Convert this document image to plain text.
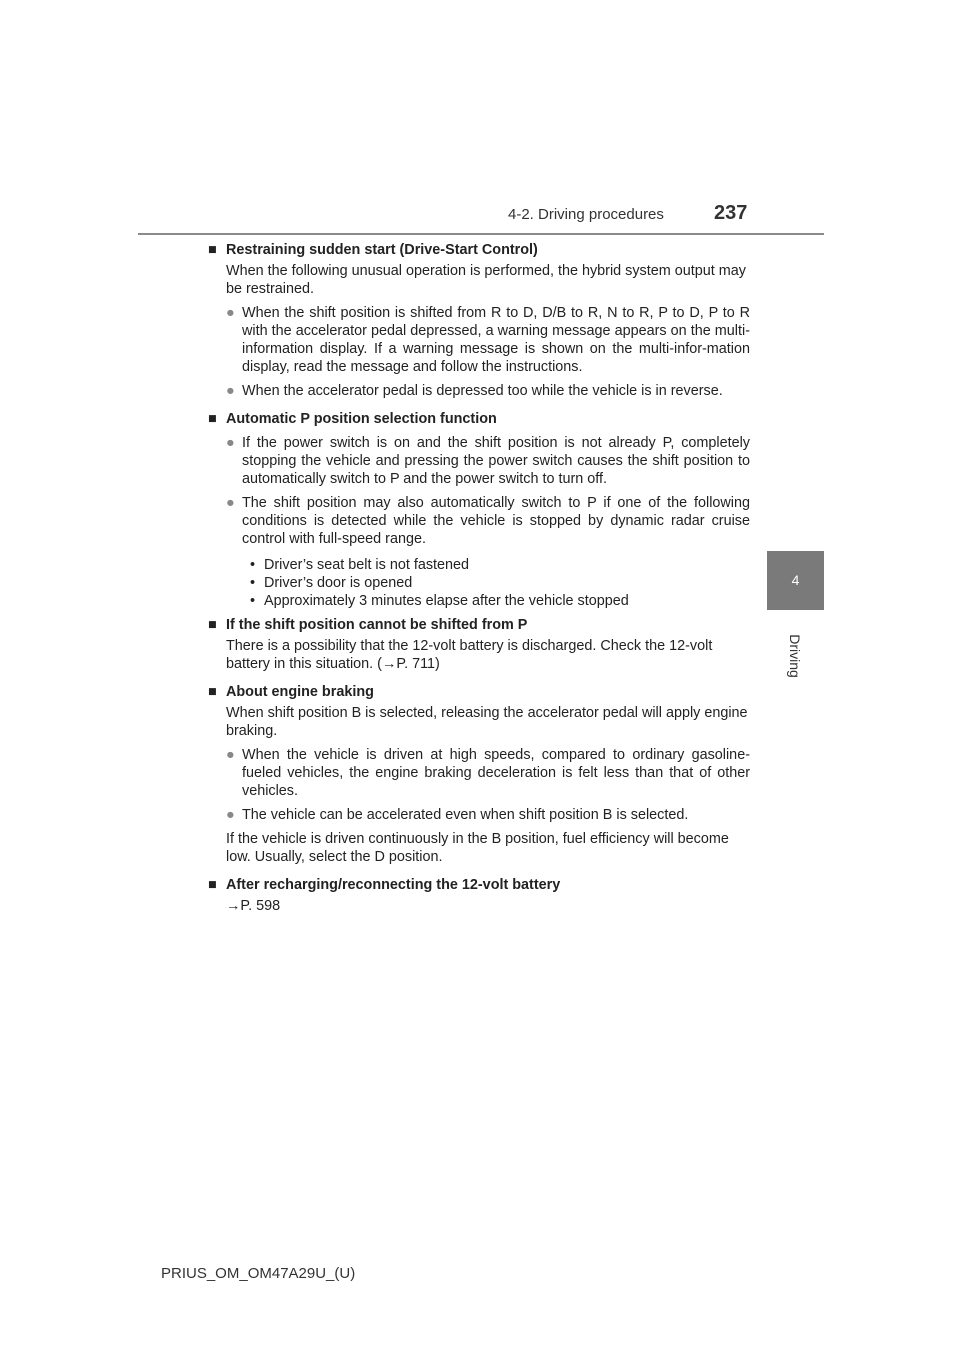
4-2. Driving procedures	237
4
Driving
■ Restraining sudden start (Drive-Start Control)
When the following unusual operation is performed, the hybrid system output may be restrained.
● When the shift position is shifted from R to D, D/B to R, N to R, P to D, P to R with the accelerator pedal depressed, a warning message appears on the multi-information display. If a warning message is shown on the multi-infor-mation display, read the message and follow the instructions.
● When the accelerator pedal is depressed too while the vehicle is in reverse.
■ Automatic P position selection function
● If the power switch is on and the shift position is not already P, completely stopping the vehicle and pressing the power switch causes the shift position to automatically switch to P and the power switch to turn off.
● The shift position may also automatically switch to P if one of the following conditions is detected while the vehicle is stopped by dynamic radar cruise control with full-speed range.
• Driver’s seat belt is not fastened
• Driver’s door is opened
• Approximately 3 minutes elapse after the vehicle stopped
■ If the shift position cannot be shifted from P
There is a possibility that the 12-volt battery is discharged. Check the 12-volt battery in this situation. (→P. 711)
■ About engine braking
When shift position B is selected, releasing the accelerator pedal will apply engine braking.
● When the vehicle is driven at high speeds, compared to ordinary gasoline-fueled vehicles, the engine braking deceleration is felt less than that of other vehicles.
● The vehicle can be accelerated even when shift position B is selected.
If the vehicle is driven continuously in the B position, fuel efficiency will become low. Usually, select the D position.
■ After recharging/reconnecting the 12-volt battery
→P. 598
PRIUS_OM_OM47A29U_(U)
